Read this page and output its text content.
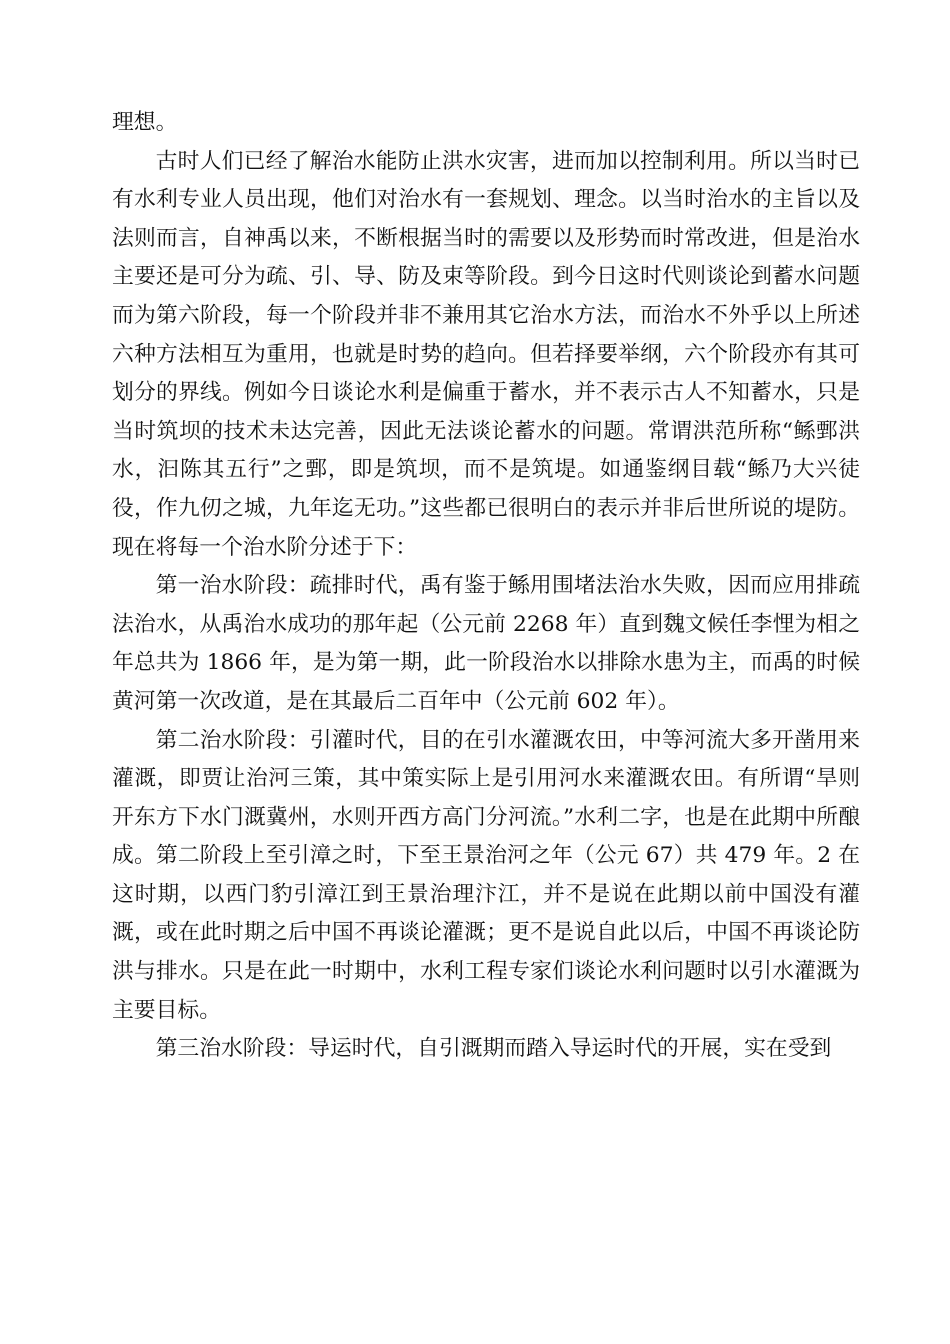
理想。

古时人们已经了解治水能防止洪水灾害，进而加以控制利用。所以当时已有水利专业人员出现，他们对治水有一套规划、理念。以当时治水的主旨以及法则而言，自神禹以来，不断根据当时的需要以及形势而时常改进，但是治水主要还是可分为疏、引、导、防及束等阶段。到今日这时代则谈论到蓄水问题而为第六阶段，每一个阶段并非不兼用其它治水方法，而治水不外乎以上所述六种方法相互为重用，也就是时势的趋向。但若择要举纲，六个阶段亦有其可划分的界线。例如今日谈论水利是偏重于蓄水，并不表示古人不知蓄水，只是当时筑坝的技术未达完善，因此无法谈论蓄水的问题。常谓洪范所称“鲧鄄洪水，汩陈其五行”之鄄，即是筑坝，而不是筑堤。如通鉴纲目载“鲧乃大兴徒役，作九仞之城，九年迄无功。”这些都已很明白的表示并非后世所说的堤防。现在将每一个治水阶分述于下：

第一治水阶段：疏排时代，禹有鉴于鲧用围堵法治水失败，因而应用排疏法治水，从禹治水成功的那年起（公元前 2268 年）直到魏文候任李悝为相之年总共为 1866 年，是为第一期，此一阶段治水以排除水患为主，而禹的时候黄河第一次改道，是在其最后二百年中（公元前 602 年）。

第二治水阶段：引灌时代，目的在引水灌溉农田，中等河流大多开凿用来灌溉，即贾让治河三策，其中策实际上是引用河水来灌溉农田。有所谓“旱则开东方下水门溉冀州，水则开西方高门分河流。”水利二字，也是在此期中所酿成。第二阶段上至引漳之时，下至王景治河之年（公元 67）共 479 年。2 在这时期，以西门豹引漳江到王景治理汴江，并不是说在此期以前中国没有灌溉，或在此时期之后中国不再谈论灌溉；更不是说自此以后，中国不再谈论防洪与排水。只是在此一时期中，水利工程专家们谈论水利问题时以引水灌溉为主要目标。

第三治水阶段：导运时代，自引溉期而踏入导运时代的开展，实在受到
